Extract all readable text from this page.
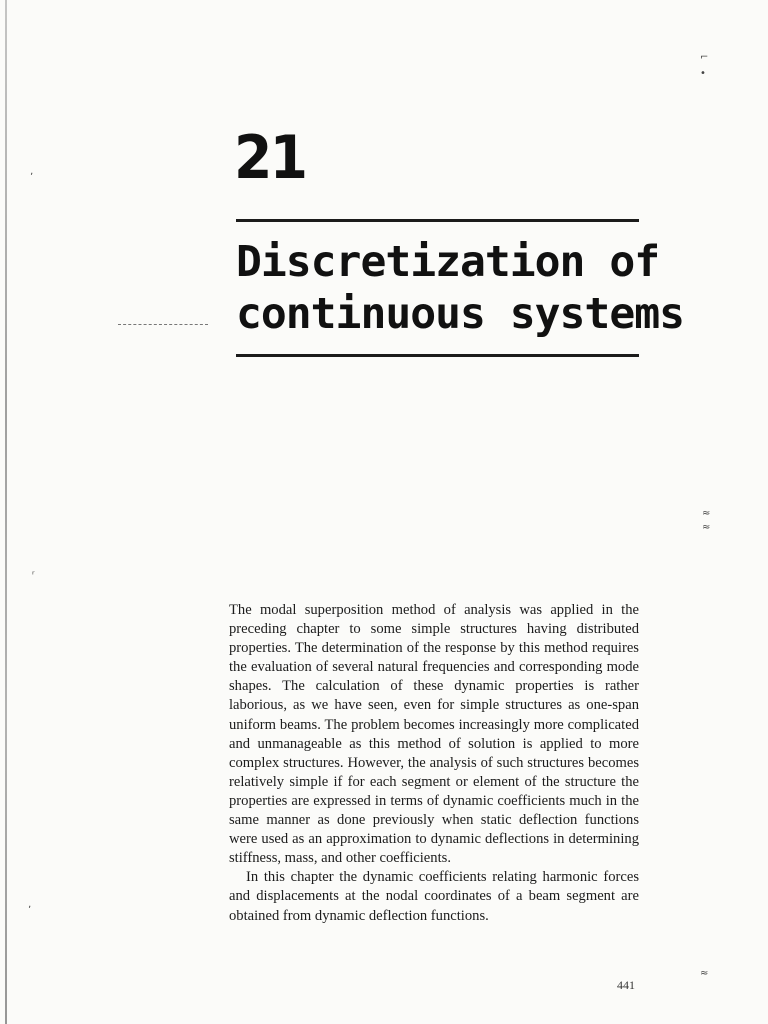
⌐
•
ʼ
≈
≈
ʳ
ʼ
≈
21
Discretization of
continuous systems

The modal superposition method of analysis was applied in the preceding chapter to some simple structures having distributed properties. The determination of the response by this method requires the evaluation of several natural frequencies and corresponding mode shapes. The calculation of these dynamic properties is rather laborious, as we have seen, even for simple structures as one-span uniform beams. The problem becomes increasingly more complicated and unmanageable as this method of solution is applied to more complex structures. However, the analysis of such structures becomes relatively simple if for each segment or element of the structure the properties are expressed in terms of dynamic coefficients much in the same manner as done previously when static deflection functions were used as an approximation to dynamic deflections in determining stiffness, mass, and other coefficients.

In this chapter the dynamic coefficients relating harmonic forces and displacements at the nodal coordinates of a beam segment are obtained from dynamic deflection functions.

441
